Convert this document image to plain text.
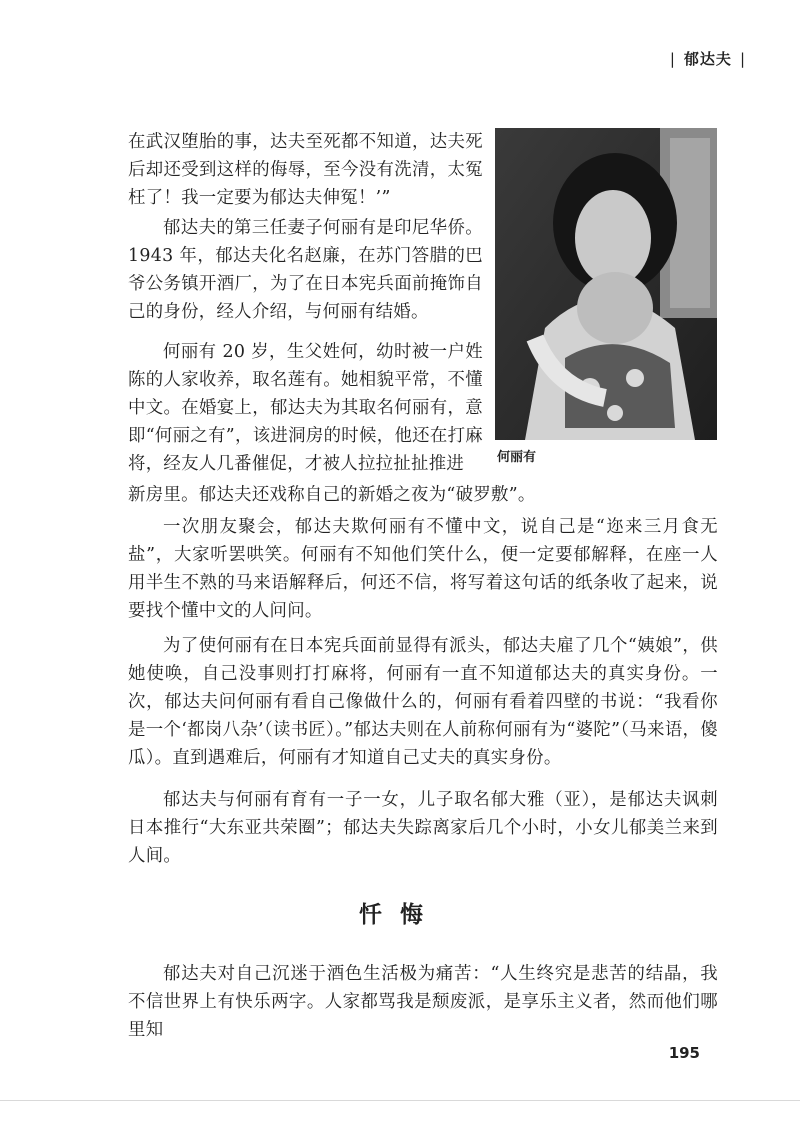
| 郁达夫 |

在武汉堕胎的事，达夫至死都不知道，达夫死后却还受到这样的侮辱，至今没有洗清，太冤枉了！我一定要为郁达夫伸冤！’”

郁达夫的第三任妻子何丽有是印尼华侨。1943 年，郁达夫化名赵廉，在苏门答腊的巴爷公务镇开酒厂，为了在日本宪兵面前掩饰自己的身份，经人介绍，与何丽有结婚。

何丽有 20 岁，生父姓何，幼时被一户姓陈的人家收养，取名莲有。她相貌平常，不懂中文。在婚宴上，郁达夫为其取名何丽有，意即“何丽之有”，该进洞房的时候，他还在打麻将，经友人几番催促，才被人拉拉扯扯推进

新房里。郁达夫还戏称自己的新婚之夜为“破罗敷”。

何丽有

一次朋友聚会，郁达夫欺何丽有不懂中文，说自己是“迩来三月食无盐”，大家听罢哄笑。何丽有不知他们笑什么，便一定要郁解释，在座一人用半生不熟的马来语解释后，何还不信，将写着这句话的纸条收了起来，说要找个懂中文的人问问。

为了使何丽有在日本宪兵面前显得有派头，郁达夫雇了几个“姨娘”，供她使唤，自己没事则打打麻将，何丽有一直不知道郁达夫的真实身份。一次，郁达夫问何丽有看自己像做什么的，何丽有看着四壁的书说：“我看你是一个‘都岗八杂’（读书匠）。”郁达夫则在人前称何丽有为“婆陀”（马来语，傻瓜）。直到遇难后，何丽有才知道自己丈夫的真实身份。

郁达夫与何丽有育有一子一女，儿子取名郁大雅（亚），是郁达夫讽刺日本推行“大东亚共荣圈”；郁达夫失踪离家后几个小时，小女儿郁美兰来到人间。

忏悔

郁达夫对自己沉迷于酒色生活极为痛苦：“人生终究是悲苦的结晶，我不信世界上有快乐两字。人家都骂我是颓废派，是享乐主义者，然而他们哪里知

195
